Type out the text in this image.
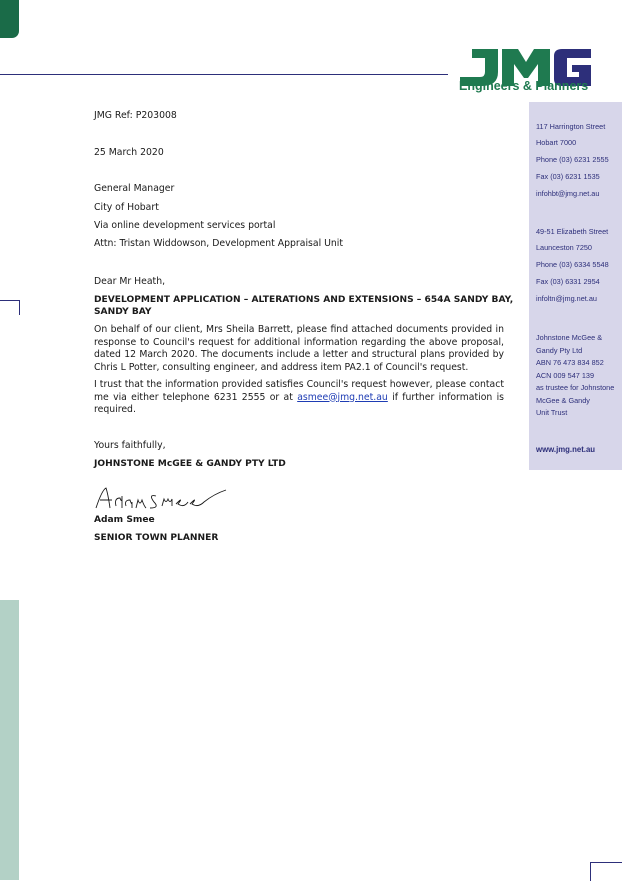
Engineers & Planners
117 Harrington Street
Hobart 7000
Phone (03) 6231 2555
Fax (03) 6231 1535
infohbt@jmg.net.au
49-51 Elizabeth Street
Launceston 7250
Phone (03) 6334 5548
Fax (03) 6331 2954
infoltn@jmg.net.au
Johnstone McGee &
Gandy Pty Ltd
ABN 76 473 834 852
ACN 009 547 139
as trustee for Johnstone
McGee & Gandy
Unit Trust
www.jmg.net.au
JMG Ref: P203008
25 March 2020
General Manager
City of Hobart
Via online development services portal
Attn: Tristan Widdowson, Development Appraisal Unit
Dear Mr Heath,
DEVELOPMENT APPLICATION – ALTERATIONS AND EXTENSIONS – 654A SANDY BAY,
SANDY BAY
On behalf of our client, Mrs Sheila Barrett, please find attached documents provided in
response to Council's request for additional information regarding the above proposal,
dated 12 March 2020. The documents include a letter and structural plans provided by
Chris L Potter, consulting engineer, and address item PA2.1 of Council's request.
I trust that the information provided satisfies Council's request however, please contact
me via either telephone 6231 2555 or at asmee@jmg.net.au if further information is
required.
Yours faithfully,
JOHNSTONE McGEE & GANDY PTY LTD
Adam Smee
SENIOR TOWN PLANNER
